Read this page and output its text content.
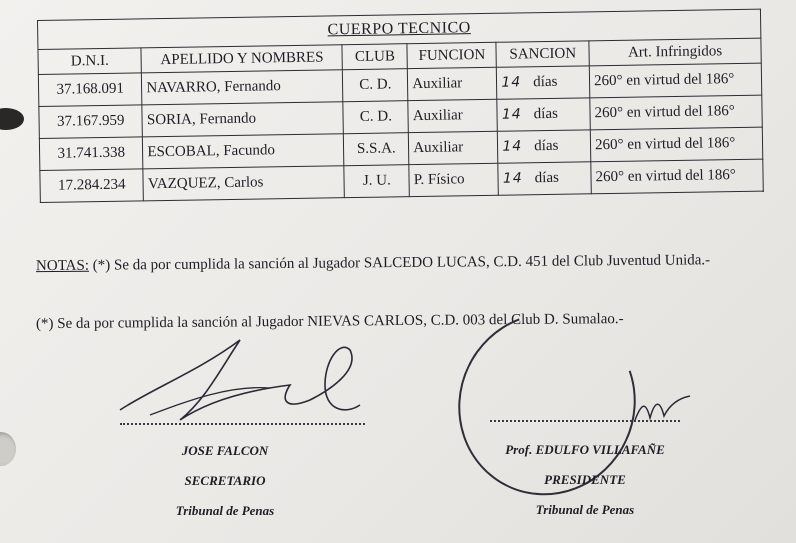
CUERPO TECNICO					
D.N.I.	APELLIDO Y NOMBRES	CLUB	FUNCION	SANCION	Art. Infringidos
37.168.091	NAVARRO, Fernando	C. D.	Auxiliar	14 días	260° en virtud del 186°
37.167.959	SORIA, Fernando	C. D.	Auxiliar	14 días	260° en virtud del 186°
31.741.338	ESCOBAL, Facundo	S.S.A.	Auxiliar	14 días	260° en virtud del 186°
17.284.234	VAZQUEZ, Carlos	J. U.	P. Físico	14 días	260° en virtud del 186°
NOTAS: (*) Se da por cumplida la sanción al Jugador SALCEDO LUCAS, C.D. 451 del Club Juventud Unida.-
(*) Se da por cumplida la sanción al Jugador NIEVAS CARLOS, C.D. 003 del Club D. Sumalao.-
JOSE FALCON
SECRETARIO
Tribunal de Penas
Prof. EDULFO VILLAFAÑE
PRESIDENTE
Tribunal de Penas
